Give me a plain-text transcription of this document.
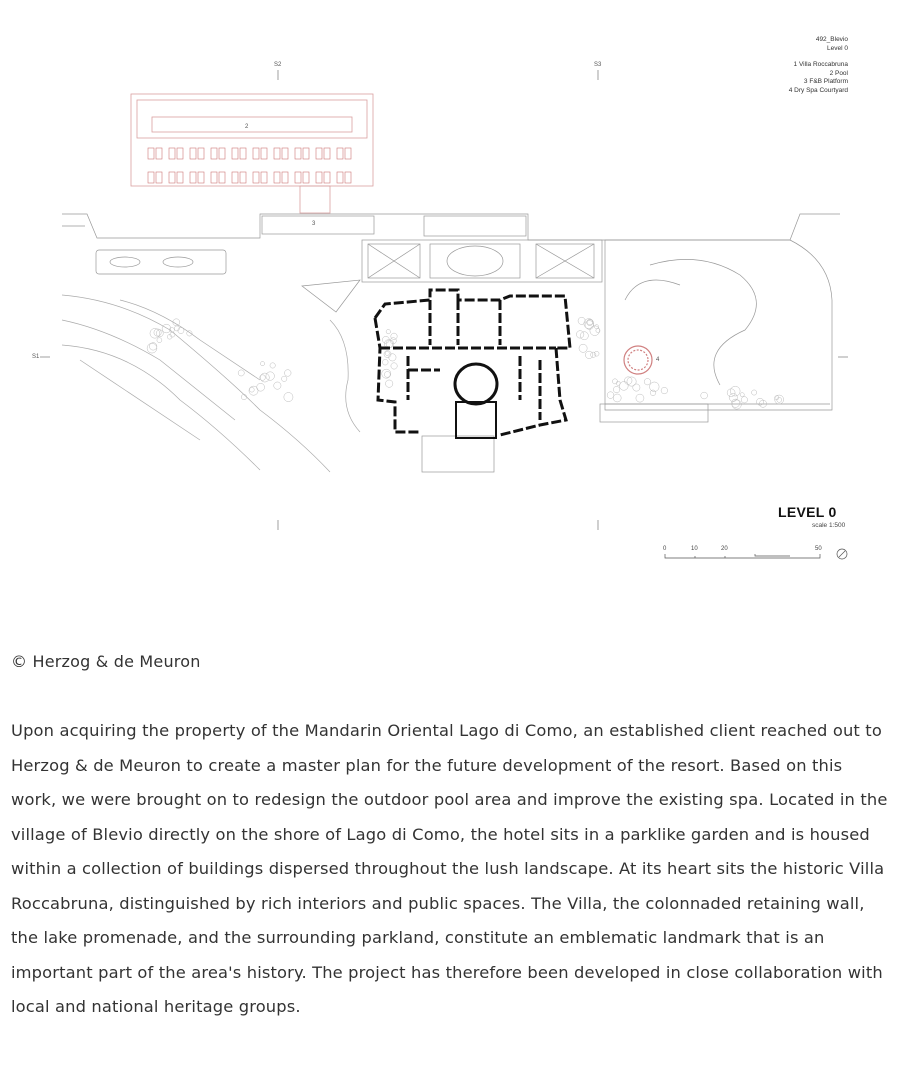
S2	S3
S1
2
3
4
492_Blevio
Level 0
1 Villa Roccabruna
2 Pool
3 F&B Platform
4 Dry Spa Courtyard
LEVEL 0
scale 1:500
0	10	20	50
© Herzog & de Meuron

Upon acquiring the property of the Mandarin Oriental Lago di Como, an established client reached out to Herzog & de Meuron to create a master plan for the future development of the resort. Based on this work, we were brought on to redesign the outdoor pool area and improve the existing spa. Located in the village of Blevio directly on the shore of Lago di Como, the hotel sits in a parklike garden and is housed within a collection of buildings dispersed throughout the lush landscape. At its heart sits the historic Villa Roccabruna, distinguished by rich interiors and public spaces. The Villa, the colonnaded retaining wall, the lake promenade, and the surrounding parkland, constitute an emblematic landmark that is an important part of the area's history. The project has therefore been developed in close collaboration with local and national heritage groups.
